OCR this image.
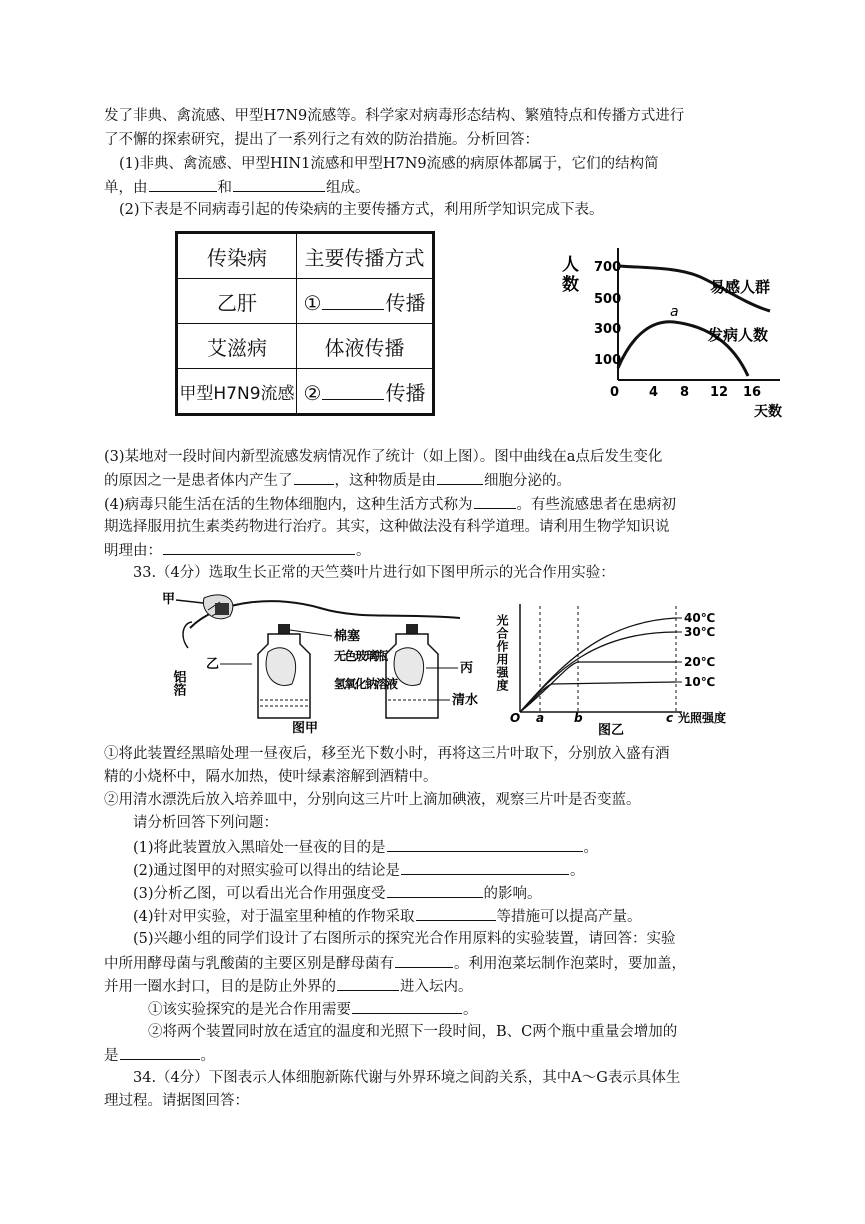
发了非典、禽流感、甲型H7N9流感等。科学家对病毒形态结构、繁殖特点和传播方式进行
了不懈的探索研究，提出了一系列行之有效的防治措施。分析回答：
(1)非典、禽流感、甲型HIN1流感和甲型H7N9流感的病原体都属于，它们的结构简
单，由	和	组成。
(2)下表是不同病毒引起的传染病的主要传播方式，利用所学知识完成下表。
传染病	主要传播方式
乙肝	① 传播
艾滋病	体液传播
甲型H7N9流感	② 传播
人
数
700
500
300
100
0 4 8 12 16
天数
a
易感人群
发病人数
(3)某地对一段时间内新型流感发病情况作了统计（如上图）。图中曲线在a点后发生变化
的原因之一是患者体内产生了	，这种物质是由	细胞分泌的。
(4)病毒只能生活在活的生物体细胞内，这种生活方式称为	。有些流感患者在患病初
期选择服用抗生素类药物进行治疗。其实，这种做法没有科学道理。请利用生物学知识说
明理由：	。
33.（4分）选取生长正常的天竺葵叶片进行如下图甲所示的光合作用实验：
甲
铝箔
乙
棉塞
无色玻璃瓶
氢氧化钠溶液
丙
清水
图甲
光合作用强度	40℃
30℃
20℃
10℃
O a b	c 光照强度
图乙
①将此装置经黑暗处理一昼夜后，移至光下数小时，再将这三片叶取下，分别放入盛有酒
精的小烧杯中，隔水加热，使叶绿素溶解到酒精中。
②用清水漂洗后放入培养皿中，分别向这三片叶上滴加碘液，观察三片叶是否变蓝。
请分析回答下列问题：
(1)将此装置放入黑暗处一昼夜的目的是	。
(2)通过图甲的对照实验可以得出的结论是	。
(3)分析乙图，可以看出光合作用强度受	的影响。
(4)针对甲实验，对于温室里种植的作物采取	等措施可以提高产量。
(5)兴趣小组的同学们设计了右图所示的探究光合作用原料的实验装置，请回答：实验
中所用酵母菌与乳酸菌的主要区别是酵母菌有	。利用泡菜坛制作泡菜时，要加盖，
并用一圈水封口，目的是防止外界的	进入坛内。
①该实验探究的是光合作用需要	。
②将两个装置同时放在适宜的温度和光照下一段时间，B、C两个瓶中重量会增加的
是	。
34.（4分）下图表示人体细胞新陈代谢与外界环境之间韵关系，其中A～G表示具体生
理过程。请据图回答：
